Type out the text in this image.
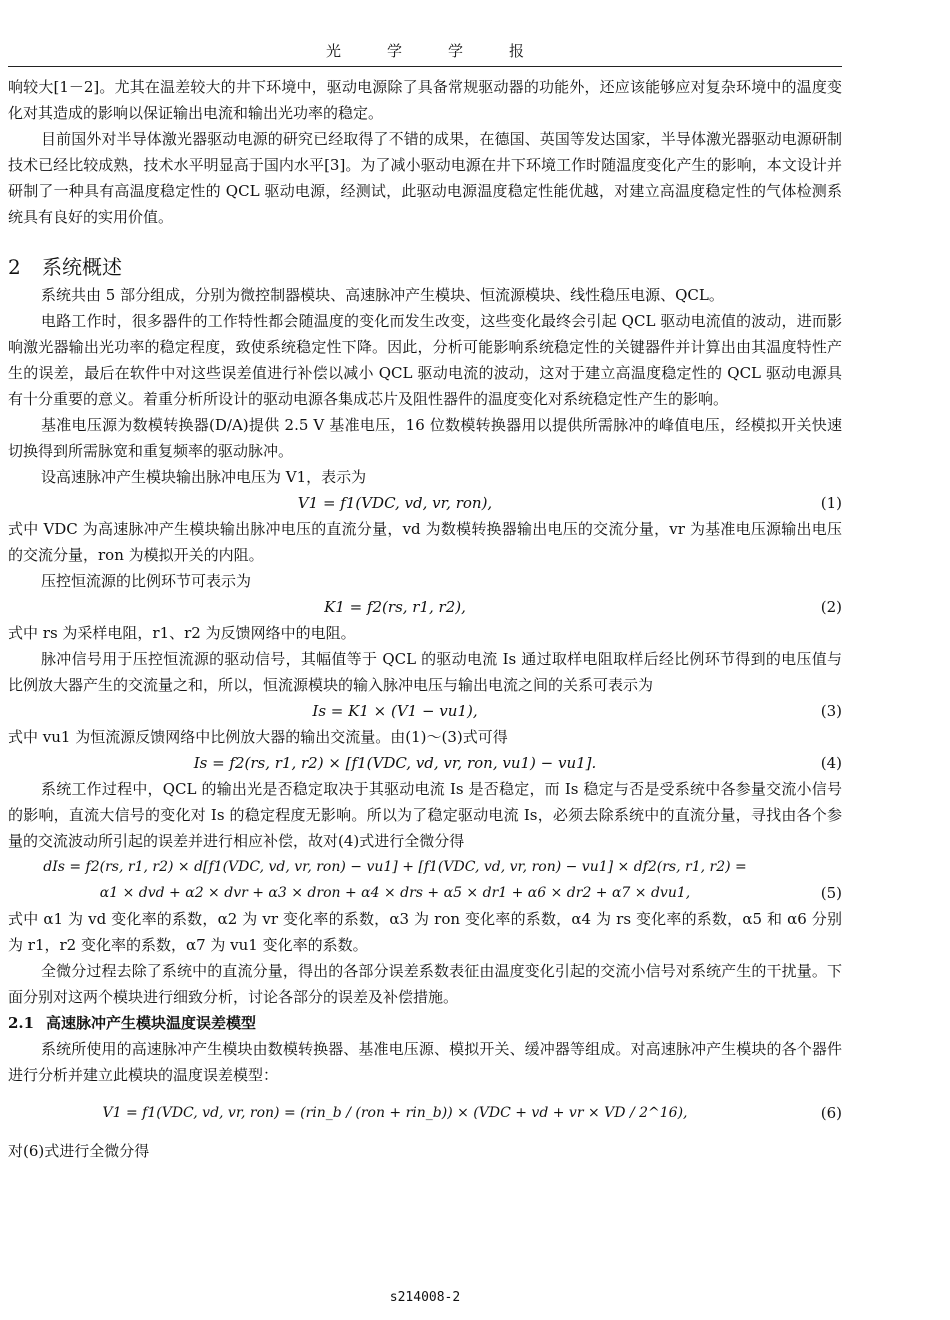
光学学报

响较大[1－2]。尤其在温差较大的井下环境中，驱动电源除了具备常规驱动器的功能外，还应该能够应对复杂环境中的温度变化对其造成的影响以保证输出电流和输出光功率的稳定。

目前国外对半导体激光器驱动电源的研究已经取得了不错的成果，在德国、英国等发达国家，半导体激光器驱动电源研制技术已经比较成熟，技术水平明显高于国内水平[3]。为了减小驱动电源在井下环境工作时随温度变化产生的影响，本文设计并研制了一种具有高温度稳定性的 QCL 驱动电源，经测试，此驱动电源温度稳定性能优越，对建立高温度稳定性的气体检测系统具有良好的实用价值。

2 系统概述

系统共由 5 部分组成，分别为微控制器模块、高速脉冲产生模块、恒流源模块、线性稳压电源、QCL。

电路工作时，很多器件的工作特性都会随温度的变化而发生改变，这些变化最终会引起 QCL 驱动电流值的波动，进而影响激光器输出光功率的稳定程度，致使系统稳定性下降。因此，分析可能影响系统稳定性的关键器件并计算出由其温度特性产生的误差，最后在软件中对这些误差值进行补偿以减小 QCL 驱动电流的波动，这对于建立高温度稳定性的 QCL 驱动电源具有十分重要的意义。着重分析所设计的驱动电源各集成芯片及阻性器件的温度变化对系统稳定性产生的影响。

基准电压源为数模转换器(D/A)提供 2.5 V 基准电压，16 位数模转换器用以提供所需脉冲的峰值电压，经模拟开关快速切换得到所需脉宽和重复频率的驱动脉冲。

设高速脉冲产生模块输出脉冲电压为 V1，表示为

V1 = f1(VDC, vd, vr, ron),	(1)

式中 VDC 为高速脉冲产生模块输出脉冲电压的直流分量，vd 为数模转换器输出电压的交流分量，vr 为基准电压源输出电压的交流分量，ron 为模拟开关的内阻。

压控恒流源的比例环节可表示为

K1 = f2(rs, r1, r2),	(2)

式中 rs 为采样电阻，r1、r2 为反馈网络中的电阻。

脉冲信号用于压控恒流源的驱动信号，其幅值等于 QCL 的驱动电流 Is 通过取样电阻取样后经比例环节得到的电压值与比例放大器产生的交流量之和，所以，恒流源模块的输入脉冲电压与输出电流之间的关系可表示为

Is = K1 × (V1 − vu1),	(3)

式中 vu1 为恒流源反馈网络中比例放大器的输出交流量。由(1)～(3)式可得

Is = f2(rs, r1, r2) × [f1(VDC, vd, vr, ron, vu1) − vu1].	(4)

系统工作过程中，QCL 的输出光是否稳定取决于其驱动电流 Is 是否稳定，而 Is 稳定与否是受系统中各参量交流小信号的影响，直流大信号的变化对 Is 的稳定程度无影响。所以为了稳定驱动电流 Is，必须去除系统中的直流分量，寻找由各个参量的交流波动所引起的误差并进行相应补偿，故对(4)式进行全微分得

dIs = f2(rs, r1, r2) × d[f1(VDC, vd, vr, ron) − vu1] + [f1(VDC, vd, vr, ron) − vu1] × df2(rs, r1, r2) =
α1 × dvd + α2 × dvr + α3 × dron + α4 × drs + α5 × dr1 + α6 × dr2 + α7 × dvu1,	(5)

式中 α1 为 vd 变化率的系数，α2 为 vr 变化率的系数，α3 为 ron 变化率的系数，α4 为 rs 变化率的系数，α5 和 α6 分别为 r1，r2 变化率的系数，α7 为 vu1 变化率的系数。

全微分过程去除了系统中的直流分量，得出的各部分误差系数表征由温度变化引起的交流小信号对系统产生的干扰量。下面分别对这两个模块进行细致分析，讨论各部分的误差及补偿措施。

2.1 高速脉冲产生模块温度误差模型

系统所使用的高速脉冲产生模块由数模转换器、基准电压源、模拟开关、缓冲器等组成。对高速脉冲产生模块的各个器件进行分析并建立此模块的温度误差模型：

V1 = f1(VDC, vd, vr, ron) = (rin_b / (ron + rin_b)) × (VDC + vd + vr × VD / 2^16),	(6)

对(6)式进行全微分得

s214008-2
